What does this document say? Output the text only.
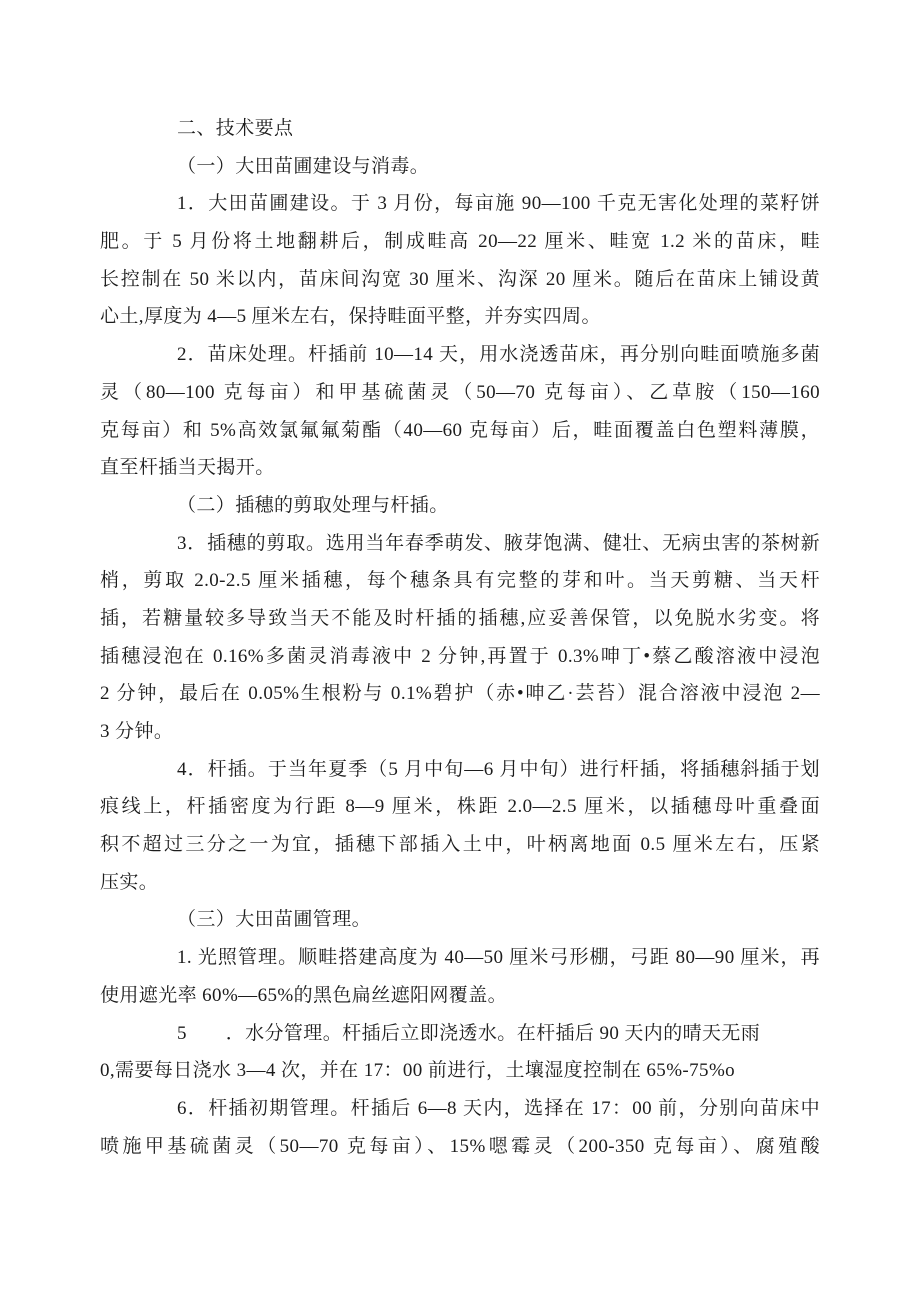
二、技术要点
（一）大田苗圃建设与消毒。
1．大田苗圃建设。于 3 月份，每亩施 90—100 千克无害化处理的菜籽饼
肥。于 5 月份将土地翻耕后，制成畦高 20—22 厘米、畦宽 1.2 米的苗床，畦
长控制在 50 米以内，苗床间沟宽 30 厘米、沟深 20 厘米。随后在苗床上铺设黄
心土,厚度为 4—5 厘米左右，保持畦面平整，并夯实四周。
2．苗床处理。杆插前 10—14 天，用水浇透苗床，再分别向畦面喷施多菌
灵（80—100 克每亩）和甲基硫菌灵（50—70 克每亩）、乙草胺（150—160
克每亩）和 5%高效氯氟氟菊酯（40—60 克每亩）后，畦面覆盖白色塑料薄膜，
直至杆插当天揭开。
（二）插穗的剪取处理与杆插。
3．插穗的剪取。选用当年春季萌发、腋芽饱满、健壮、无病虫害的茶树新
梢，剪取 2.0-2.5 厘米插穗，每个穗条具有完整的芽和叶。当天剪糖、当天杆
插，若糖量较多导致当天不能及时杆插的插穗,应妥善保管，以免脱水劣变。将
插穗浸泡在 0.16%多菌灵消毒液中 2 分钟,再置于 0.3%呻丁•蔡乙酸溶液中浸泡
2 分钟，最后在 0.05%生根粉与 0.1%碧护（赤•呻乙·芸苔）混合溶液中浸泡 2—
3 分钟。
4．杆插。于当年夏季（5 月中旬—6 月中旬）进行杆插，将插穗斜插于划
痕线上，杆插密度为行距 8—9 厘米，株距 2.0—2.5 厘米，以插穗母叶重叠面
积不超过三分之一为宜，插穗下部插入土中，叶柄离地面 0.5 厘米左右，压紧
压实。
（三）大田苗圃管理。
1. 光照管理。顺畦搭建高度为 40—50 厘米弓形棚，弓距 80—90 厘米，再
使用遮光率 60%—65%的黑色扁丝遮阳网覆盖。
5　　．水分管理。杆插后立即浇透水。在杆插后 90 天内的晴天无雨
0,需要每日浇水 3—4 次，并在 17：00 前进行，土壤湿度控制在 65%-75%o
6．杆插初期管理。杆插后 6—8 天内，选择在 17：00 前，分别向苗床中
喷施甲基硫菌灵（50—70 克每亩）、15%嗯霉灵（200-350 克每亩）、腐殖酸
